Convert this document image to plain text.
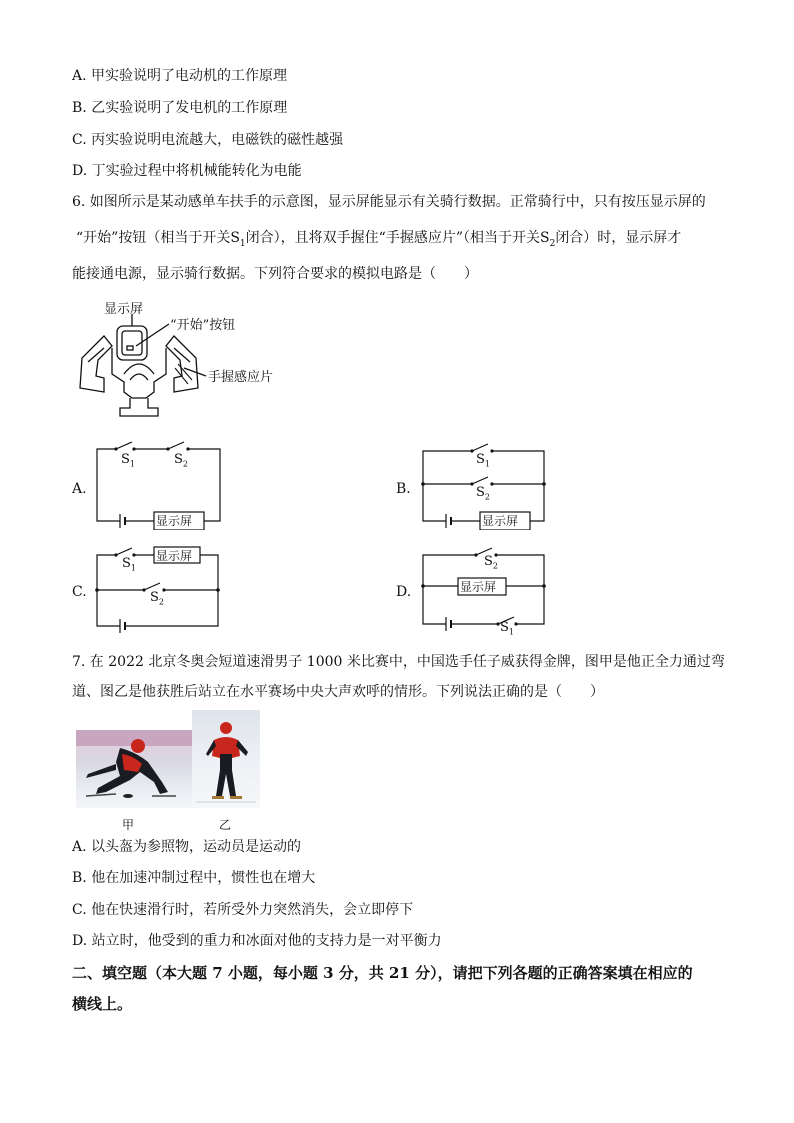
A. 甲实验说明了电动机的工作原理
B. 乙实验说明了发电机的工作原理
C. 丙实验说明电流越大，电磁铁的磁性越强
D. 丁实验过程中将机械能转化为电能
6. 如图所示是某动感单车扶手的示意图，显示屏能显示有关骑行数据。正常骑行中，只有按压显示屏的
“开始”按钮（相当于开关$S_1$闭合），且将双手握住“手握感应片”（相当于开关$S_2$闭合）时，显示屏才
能接通电源，显示骑行数据。下列符合要求的模拟电路是（　　）
显示屏
“开始”按钮
手握感应片
A.
$S_1$	$S_2$
显示屏
B.
$S_1$
$S_2$
显示屏
C.
$S_1$
$S_2$
显示屏
D.
$S_2$
$S_1$
显示屏
7. 在 2022 北京冬奥会短道速滑男子 1000 米比赛中，中国选手任子威获得金牌，图甲是他正全力通过弯
道、图乙是他获胜后站立在水平赛场中央大声欢呼的情形。下列说法正确的是（　　）
甲	乙
A. 以头盔为参照物，运动员是运动的
B. 他在加速冲制过程中，惯性也在增大
C. 他在快速滑行时，若所受外力突然消失，会立即停下
D. 站立时，他受到的重力和冰面对他的支持力是一对平衡力
二、填空题（本大题 7 小题，每小题 3 分，共 21 分），请把下列各题的正确答案填在相应的
横线上。
